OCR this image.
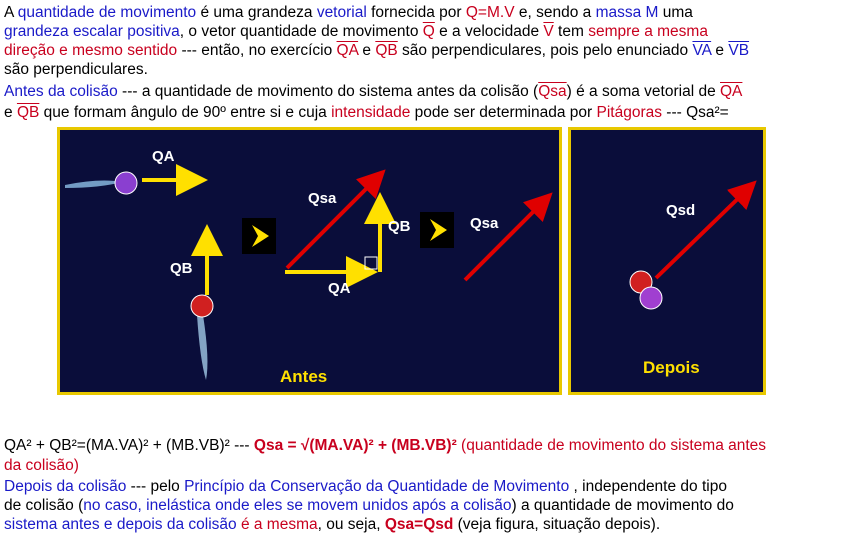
A quantidade de movimento é uma grandeza vetorial fornecida por Q=M.V e, sendo a massa M uma
grandeza escalar positiva, o vetor quantidade de movimento $\overline{Q}$ e a velocidade $\overline{V}$ tem sempre a mesma
direção e mesmo sentido --- então, no exercício $\overline{QA}$ e $\overline{QB}$ são perpendiculares, pois pelo enunciado $\overline{VA}$ e $\overline{VB}$
são perpendiculares.
Antes da colisão --- a quantidade de movimento do sistema antes da colisão $(\overline{Qsa})$ é a soma vetorial de $\overline{QA}$
e $\overline{QB}$ que formam ângulo de 90º entre si e cuja intensidade pode ser determinada por Pitágoras --- Qsa²=
QA
QB
Qsa
QB
QA
Qsa
Antes
Qsd
Depois
QA² + QB²=(MA.VA)² + (MB.VB)² --- Qsa = √(MA.VA)² + (MB.VB)² (quantidade de movimento do sistema antes
da colisão)
Depois da colisão --- pelo Princípio da Conservação da Quantidade de Movimento , independente do tipo
de colisão (no caso, inelástica onde eles se movem unidos após a colisão) a quantidade de movimento do
sistema antes e depois da colisão é a mesma, ou seja, Qsa=Qsd (veja figura, situação depois).
